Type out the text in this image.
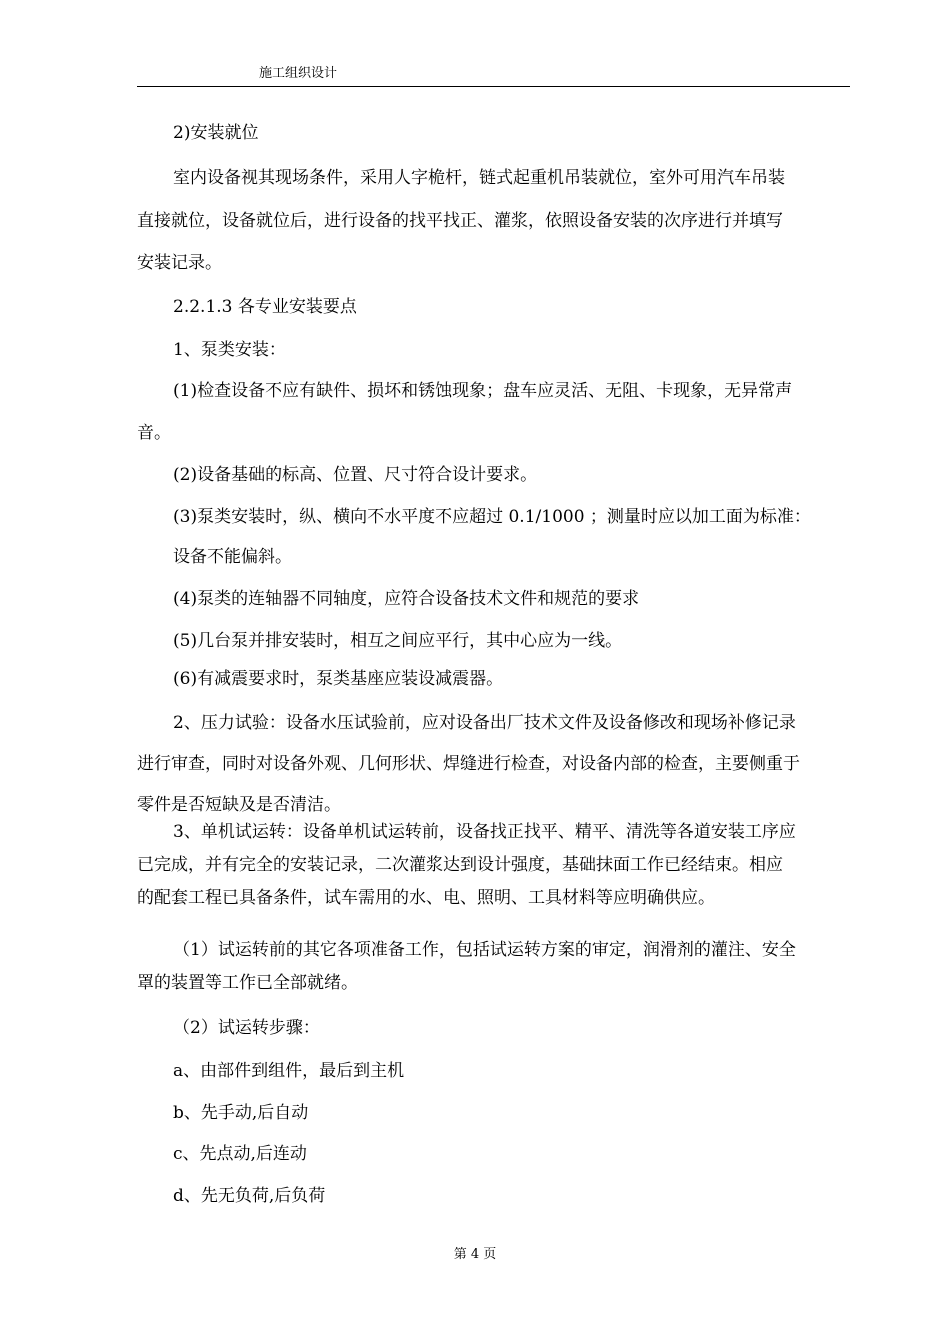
施工组织设计
2)安装就位
室内设备视其现场条件，采用人字桅杆，链式起重机吊装就位，室外可用汽车吊装
直接就位，设备就位后，进行设备的找平找正、灌浆，依照设备安装的次序进行并填写
安装记录。
2.2.1.3 各专业安装要点
1、泵类安装：
(1)检查设备不应有缺件、损坏和锈蚀现象；盘车应灵活、无阻、卡现象，无异常声
音。
(2)设备基础的标高、位置、尺寸符合设计要求。
(3)泵类安装时，纵、横向不水平度不应超过 0.1/1000 ；测量时应以加工面为标准：
设备不能偏斜。
(4)泵类的连轴器不同轴度，应符合设备技术文件和规范的要求
(5)几台泵并排安装时，相互之间应平行，其中心应为一线。
(6)有减震要求时，泵类基座应装设减震器。
2、压力试验：设备水压试验前，应对设备出厂技术文件及设备修改和现场补修记录
进行审查，同时对设备外观、几何形状、焊缝进行检查，对设备内部的检查，主要侧重于
零件是否短缺及是否清洁。
3、单机试运转：设备单机试运转前，设备找正找平、精平、清洗等各道安装工序应
已完成，并有完全的安装记录，二次灌浆达到设计强度，基础抹面工作已经结束。相应
的配套工程已具备条件，试车需用的水、电、照明、工具材料等应明确供应。
（1）试运转前的其它各项准备工作，包括试运转方案的审定，润滑剂的灌注、安全
罩的装置等工作已全部就绪。
（2）试运转步骤：
a、由部件到组件，最后到主机
b、先手动,后自动
c、先点动,后连动
d、先无负荷,后负荷
第 4 页
